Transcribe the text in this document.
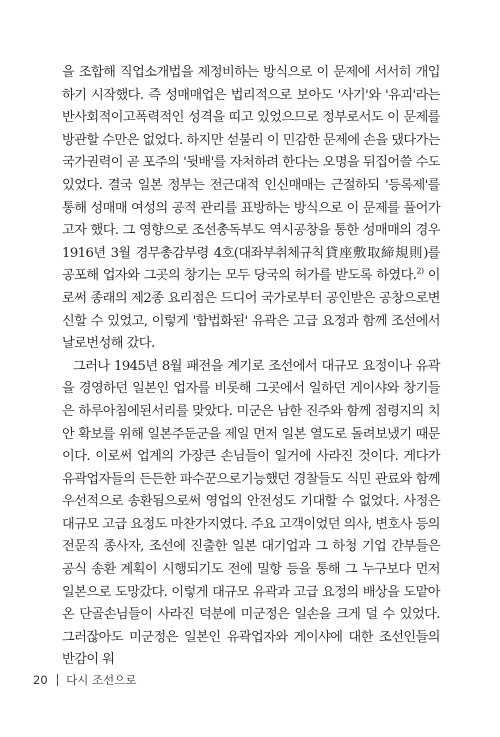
을 조합해 직업소개법을 제정비하는 방식으로 이 문제에 서서히 개입하기 시작했다. 즉 성매매업은 법리적으로 보아도 '사기'와 '유괴'라는 반사회적이고폭력적인 성격을 띠고 있었으므로 정부로서도 이 문제를 방관할 수만은 없었다. 하지만 섣불리 이 민감한 문제에 손을 댔다가는 국가권력이 곧 포주의 '뒷배'를 자처하려 한다는 오명을 뒤집어쓸 수도 있었다. 결국 일본 정부는 전근대적 인신매매는 근절하되 '등록제'를 통해 성매매 여성의 공적 관리를 표방하는 방식으로 이 문제를 풀어가고자 했다. 그 영향으로 조선총독부도 역시공창을 통한 성매매의 경우 1916년 3월 경무총감부령 4호(대좌부취체규칙貸座敷取締規則)를 공포해 업자와 그곳의 창기는 모두 당국의 허가를 받도록 하였다.$^{2)}$ 이로써 종래의 제2종 요리점은 드디어 국가로부터 공인받은 공창으로변신할 수 있었고, 이렇게 '합법화된' 유곽은 고급 요정과 함께 조선에서 날로번성해 갔다.

그러나 1945년 8월 패전을 계기로 조선에서 대규모 요정이나 유곽을 경영하던 일본인 업자를 비롯해 그곳에서 일하던 게이샤와 창기들은 하루아침에된서리를 맞았다. 미군은 남한 진주와 함께 점령지의 치안 확보를 위해 일본주둔군을 제일 먼저 일본 열도로 돌려보냈기 때문이다. 이로써 업계의 가장큰 손님들이 일거에 사라진 것이다. 게다가 유곽업자들의 든든한 파수꾼으로기능했던 경찰들도 식민 관료와 함께 우선적으로 송환됨으로써 영업의 안전성도 기대할 수 없었다. 사정은 대규모 고급 요정도 마찬가지였다. 주요 고객이었던 의사, 변호사 등의 전문직 종사자, 조선에 진출한 일본 대기업과 그 하청 기업 간부들은 공식 송환 계획이 시행되기도 전에 밀항 등을 통해 그 누구보다 먼저 일본으로 도망갔다. 이렇게 대규모 유곽과 고급 요정의 배상을 도맡아 온 단골손님들이 사라진 덕분에 미군정은 일손을 크게 덜 수 있었다. 그러잖아도 미군정은 일본인 유곽업자와 게이샤에 대한 조선인들의 반감이 워

20 다시 조선으로
